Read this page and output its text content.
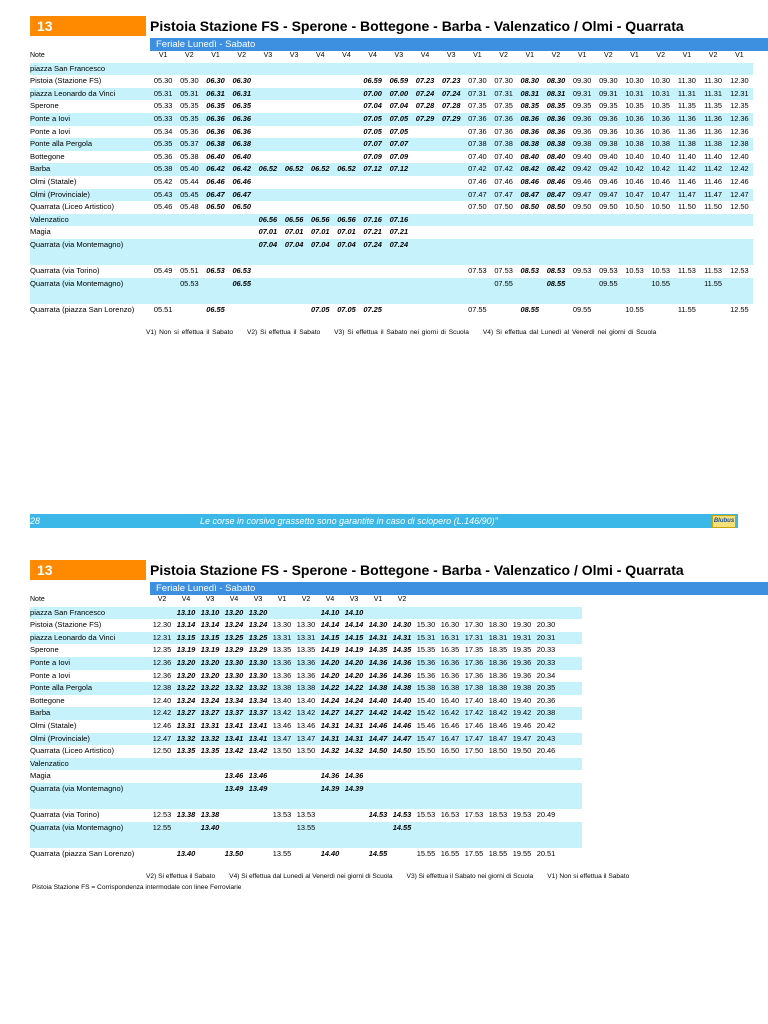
13	Pistoia Stazione FS - Sperone - Bottegone - Barba - Valenzatico / Olmi - Quarrata
Feriale Lunedì - Sabato
Note	V1	V2	V1	V2	V3	V3	V4	V4	V4	V3	V4	V3	V1	V2	V1	V2	V1	V2	V1	V2	V1	V2	V1
piazza San Francesco																							
Pistoia (Stazione FS)	05.30	05.30	06.30	06.30					06.59	06.59	07.23	07.23	07.30	07.30	08.30	08.30	09.30	09.30	10.30	10.30	11.30	11.30	12.30
piazza Leonardo da Vinci	05.31	05.31	06.31	06.31					07.00	07.00	07.24	07.24	07.31	07.31	08.31	08.31	09.31	09.31	10.31	10.31	11.31	11.31	12.31
Sperone	05.33	05.35	06.35	06.35					07.04	07.04	07.28	07.28	07.35	07.35	08.35	08.35	09.35	09.35	10.35	10.35	11.35	11.35	12.35
Ponte a Iovi	05.33	05.35	06.36	06.36					07.05	07.05	07.29	07.29	07.36	07.36	08.36	08.36	09.36	09.36	10.36	10.36	11.36	11.36	12.36
Ponte a Iovi	05.34	05.36	06.36	06.36					07.05	07.05			07.36	07.36	08.36	08.36	09.36	09.36	10.36	10.36	11.36	11.36	12.36
Ponte alla Pergola	05.35	05.37	06.38	06.38					07.07	07.07			07.38	07.38	08.38	08.38	09.38	09.38	10.38	10.38	11.38	11.38	12.38
Bottegone	05.36	05.38	06.40	06.40					07.09	07.09			07.40	07.40	08.40	08.40	09.40	09.40	10.40	10.40	11.40	11.40	12.40
Barba	05.38	05.40	06.42	06.42	06.52	06.52	06.52	06.52	07.12	07.12			07.42	07.42	08.42	08.42	09.42	09.42	10.42	10.42	11.42	11.42	12.42
Olmi (Statale)	05.42	05.44	06.46	06.46									07.46	07.46	08.46	08.46	09.46	09.46	10.46	10.46	11.46	11.46	12.46
Olmi (Provinciale)	05.43	05.45	06.47	06.47									07.47	07.47	08.47	08.47	09.47	09.47	10.47	10.47	11.47	11.47	12.47
Quarrata (Liceo Artistico)	05.46	05.48	06.50	06.50									07.50	07.50	08.50	08.50	09.50	09.50	10.50	10.50	11.50	11.50	12.50
Valenzatico					06.56	06.56	06.56	06.56	07.16	07.16													
Magia					07.01	07.01	07.01	07.01	07.21	07.21													
Quarrata (via Montemagno)					07.04	07.04	07.04	07.04	07.24	07.24													
Quarrata (via Torino)	05.49	05.51	06.53	06.53									07.53	07.53	08.53	08.53	09.53	09.53	10.53	10.53	11.53	11.53	12.53
Quarrata (via Montemagno)		05.53		06.55										07.55		08.55		09.55		10.55		11.55	
Quarrata (piazza San Lorenzo)	05.51		06.55				07.05	07.05	07.25				07.55		08.55		09.55		10.55		11.55		12.55
V1) Non si effettua il Sabato V2) Si effettua il Sabato V3) Si effettua il Sabato nei giorni di Scuola V4) Si effettua dal Lunedì al Venerdì nei giorni di Scuola
28	Le corse in corsivo grassetto sono garantite in caso di sciopero (L.146/90)"	Blubus
13	Pistoia Stazione FS - Sperone - Bottegone - Barba - Valenzatico / Olmi - Quarrata
Feriale Lunedì - Sabato
Note	V2	V4	V3	V4	V3	V1	V2	V4	V3	V1	V2							
piazza San Francesco		13.10	13.10	13.20	13.20			14.10	14.10									
Pistoia (Stazione FS)	12.30	13.14	13.14	13.24	13.24	13.30	13.30	14.14	14.14	14.30	14.30	15.30	16.30	17.30	18.30	19.30	20.30	
piazza Leonardo da Vinci	12.31	13.15	13.15	13.25	13.25	13.31	13.31	14.15	14.15	14.31	14.31	15.31	16.31	17.31	18.31	19.31	20.31	
Sperone	12.35	13.19	13.19	13.29	13.29	13.35	13.35	14.19	14.19	14.35	14.35	15.35	16.35	17.35	18.35	19.35	20.33	
Ponte a Iovi	12.36	13.20	13.20	13.30	13.30	13.36	13.36	14.20	14.20	14.36	14.36	15.36	16.36	17.36	18.36	19.36	20.33	
Ponte a Iovi	12.36	13.20	13.20	13.30	13.30	13.36	13.36	14.20	14.20	14.36	14.36	15.36	16.36	17.36	18.36	19.36	20.34	
Ponte alla Pergola	12.38	13.22	13.22	13.32	13.32	13.38	13.38	14.22	14.22	14.38	14.38	15.38	16.38	17.38	18.38	19.38	20.35	
Bottegone	12.40	13.24	13.24	13.34	13.34	13.40	13.40	14.24	14.24	14.40	14.40	15.40	16.40	17.40	18.40	19.40	20.36	
Barba	12.42	13.27	13.27	13.37	13.37	13.42	13.42	14.27	14.27	14.42	14.42	15.42	16.42	17.42	18.42	19.42	20.38	
Olmi (Statale)	12.46	13.31	13.31	13.41	13.41	13.46	13.46	14.31	14.31	14.46	14.46	15.46	16.46	17.46	18.46	19.46	20.42	
Olmi (Provinciale)	12.47	13.32	13.32	13.41	13.41	13.47	13.47	14.31	14.31	14.47	14.47	15.47	16.47	17.47	18.47	19.47	20.43	
Quarrata (Liceo Artistico)	12.50	13.35	13.35	13.42	13.42	13.50	13.50	14.32	14.32	14.50	14.50	15.50	16.50	17.50	18.50	19.50	20.46	
Valenzatico																		
Magia				13.46	13.46			14.36	14.36									
Quarrata (via Montemagno)				13.49	13.49			14.39	14.39									
Quarrata (via Torino)	12.53	13.38	13.38			13.53	13.53			14.53	14.53	15.53	16.53	17.53	18.53	19.53	20.49	
Quarrata (via Montemagno)	12.55		13.40				13.55				14.55							
Quarrata (piazza San Lorenzo)		13.40		13.50		13.55		14.40		14.55		15.55	16.55	17.55	18.55	19.55	20.51	
V2) Si effettua il Sabato V4) Si effettua dal Lunedì al Venerdì nei giorni di Scuola V3) Si effettua il Sabato nei giorni di Scuola V1) Non si effettua il Sabato
Pistoia Stazione FS = Corrispondenza intermodale con linee Ferroviarie
